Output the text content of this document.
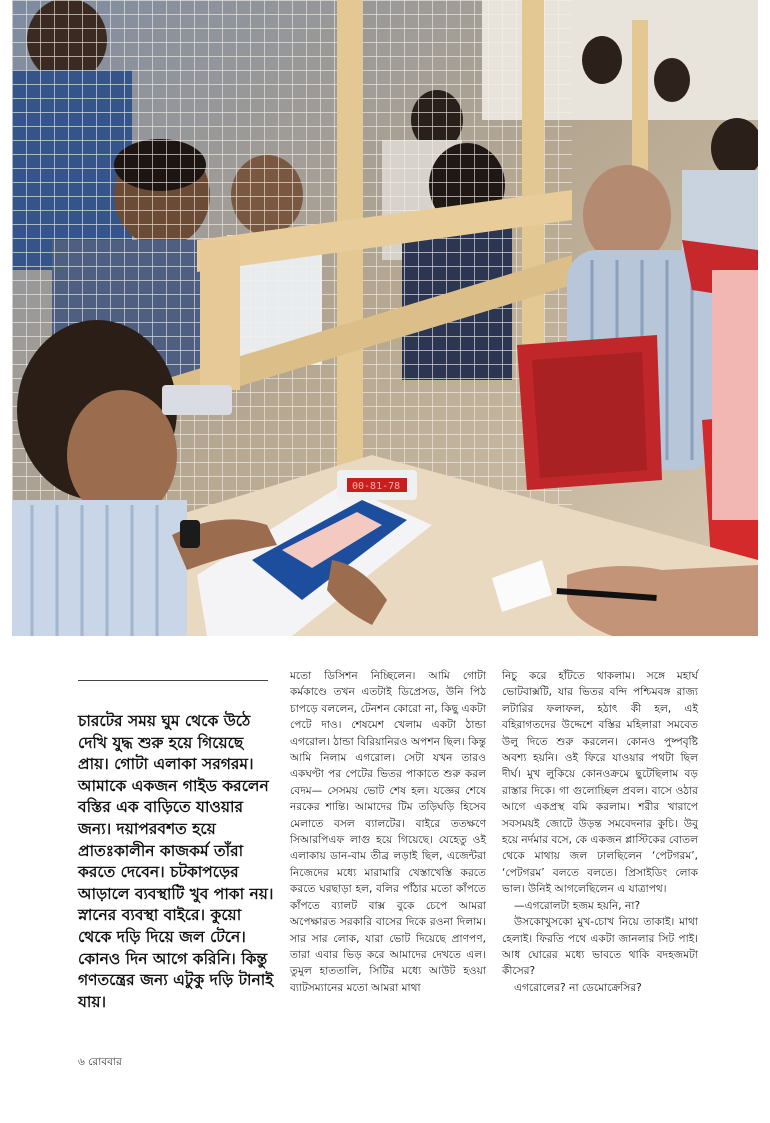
00-81-78

চারটের সময় ঘুম থেকে উঠে দেখি যুদ্ধ শুরু হয়ে গিয়েছে প্রায়। গোটা এলাকা সরগরম। আমাকে একজন গাইড করলেন বস্তির এক বাড়িতে যাওয়ার জন্য। দয়াপরবশত হয়ে প্রাতঃকালীন কাজকর্ম তাঁরা করতে দেবেন। চটকাপড়ের আড়ালে ব্যবস্থাটি খুব পাকা নয়। স্নানের ব্যবস্থা বাইরে। কুয়ো থেকে দড়ি দিয়ে জল টেনে। কোনও দিন আগে করিনি। কিন্তু গণতন্ত্রের জন্য এটুকু দড়ি টানাই যায়।

মতো ডিসিশন নিচ্ছিলেন। আমি গোটা কর্মকাণ্ডে তখন এতটাই ডিপ্রেসড, উনি পিঠ চাপড়ে বললেন, টেনশন কোরো না, কিছু একটা পেটে দাও। শেষমেশ খেলাম একটা ঠান্ডা এগরোল। ঠান্ডা বিরিয়ানিরও অপশন ছিল। কিন্তু আমি নিলাম এগরোল। সেটা যখন তারও একঘণ্টা পর পেটের ভিতর পাকাতে শুরু করল বেদম— সেসময় ভোট শেষ হল। যজ্ঞের শেষে নরকের শান্তি। আমাদের টিম তড়িঘড়ি হিসেব মেলাতে বসল ব্যালটের। বাইরে ততক্ষণে সিআরপিএফ লাগু হয়ে গিয়েছে। যেহেতু ওই এলাকায় ডান-বাম তীব্র লড়াই ছিল, এজেন্টরা নিজেদের মধ্যে মারামারি খেস্তাখেস্তি করতে করতে ঘরছাড়া হল, বলির পাঁঠার মতো কাঁপতে কাঁপতে ব্যালট বাক্স বুকে চেপে আমরা অপেক্ষারত সরকারি বাসের দিকে রওনা দিলাম। সার সার লোক, যারা ভোট দিয়েছে প্রাণপণ, তারা এবার ভিড় করে আমাদের দেখতে এল। তুমুল হাততালি, সিটির মধ্যে আউট হওয়া ব্যাটসম্যানের মতো আমরা মাথা

নিচু করে হাঁটতে থাকলাম। সঙ্গে মহার্ঘ ভোটবাক্সটি, যার ভিতর বন্দি পশ্চিমবঙ্গ রাজ্য লটারির ফলাফল, হঠাৎ কী হল, এই বহিরাগতদের উদ্দেশে বস্তির মহিলারা সমবেত উলু দিতে শুরু করলেন। কোনও পুষ্পবৃষ্টি অবশ্য হয়নি। ওই ফিরে যাওয়ার পথটা ছিল দীর্ঘ। মুখ লুকিয়ে কোনওক্রমে ছুটেছিলাম বড় রাস্তার দিকে। গা গুলোচ্ছিল প্রবল। বাসে ওঠার আগে একপ্রস্থ বমি করলাম। শরীর খারাপে সবসময়ই জোটে উড়ন্ত সমবেদনার কুচি। উবু হয়ে নর্দমার বসে, কে একজন প্লাস্টিকের বোতল থেকে মাথায় জল ঢালছিলেন ‘পেটগরম’, ‘পেটগরম’ বলতে বলতে। প্রিসাইডিং লোক ভাল। উনিই আগলেছিলেন এ যাত্রাপথ।

—এগরোলটা হজম হয়নি, না?

উসকোখুসকো মুখ-চোখ নিয়ে তাকাই। মাথা হেলাই। ফিরতি পথে একটা জানলার সিট পাই। আধ ঘোরের মধ্যে ভাবতে থাকি বদহজমটা কীসের?

এগরোলের? না ডেমোক্রেসির?

৬ রোববার
